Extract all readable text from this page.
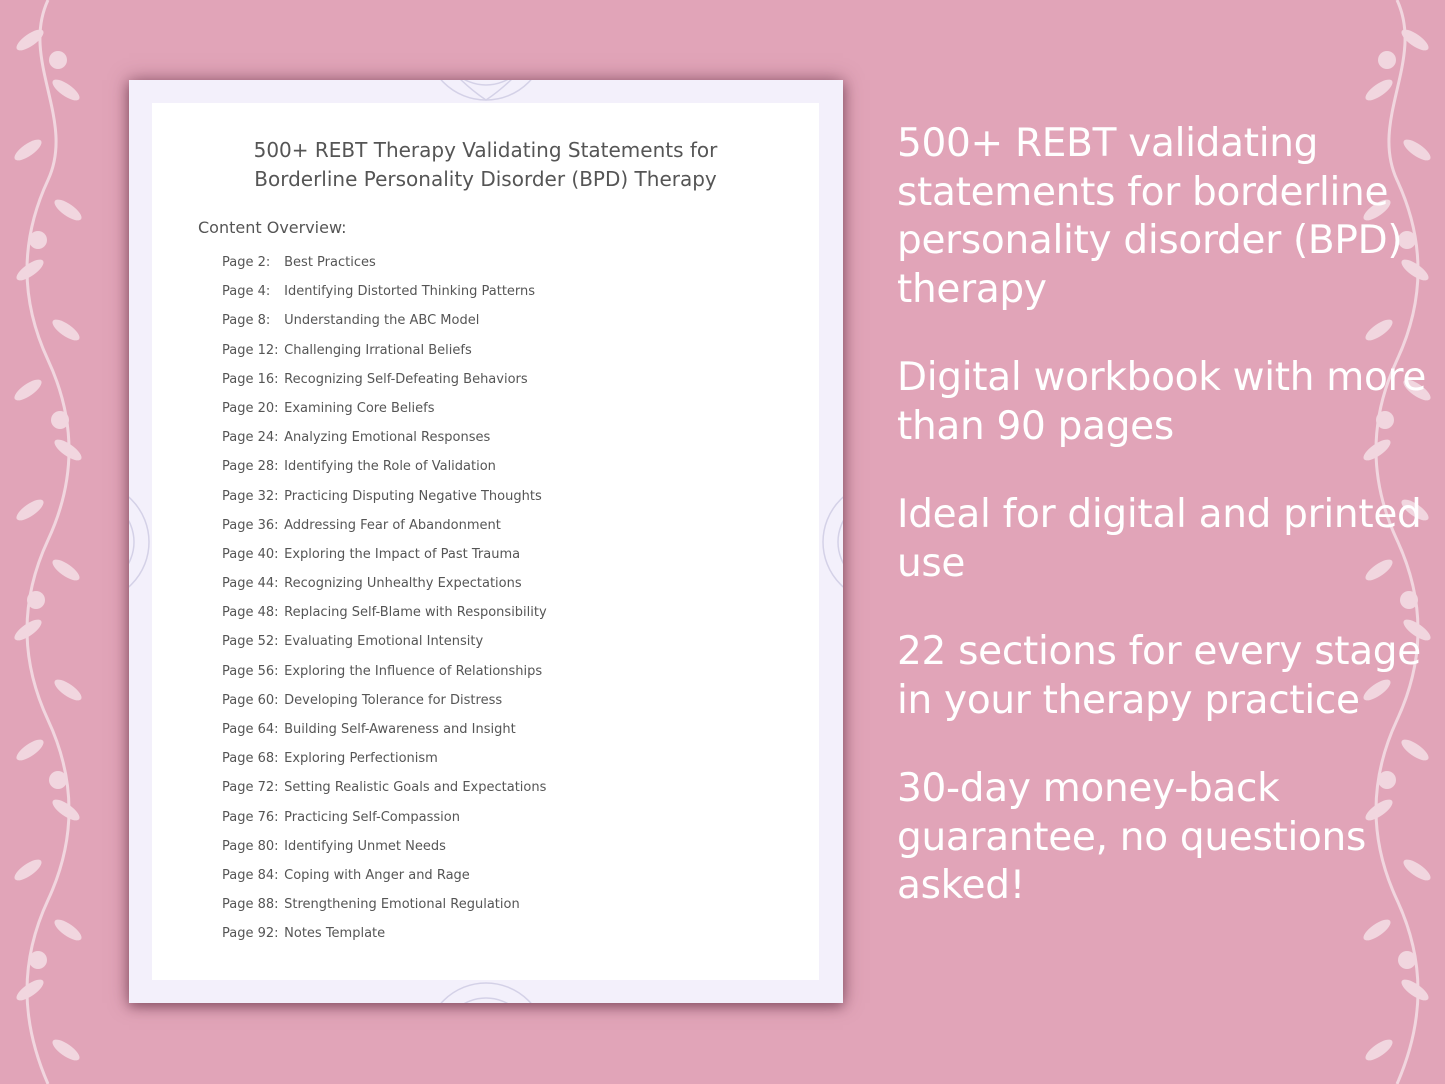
500+ REBT Therapy Validating Statements for
Borderline Personality Disorder (BPD) Therapy
Content Overview:
Page 2: Best Practices
Page 4: Identifying Distorted Thinking Patterns
Page 8: Understanding the ABC Model
Page 12: Challenging Irrational Beliefs
Page 16: Recognizing Self-Defeating Behaviors
Page 20: Examining Core Beliefs
Page 24: Analyzing Emotional Responses
Page 28: Identifying the Role of Validation
Page 32: Practicing Disputing Negative Thoughts
Page 36: Addressing Fear of Abandonment
Page 40: Exploring the Impact of Past Trauma
Page 44: Recognizing Unhealthy Expectations
Page 48: Replacing Self-Blame with Responsibility
Page 52: Evaluating Emotional Intensity
Page 56: Exploring the Influence of Relationships
Page 60: Developing Tolerance for Distress
Page 64: Building Self-Awareness and Insight
Page 68: Exploring Perfectionism
Page 72: Setting Realistic Goals and Expectations
Page 76: Practicing Self-Compassion
Page 80: Identifying Unmet Needs
Page 84: Coping with Anger and Rage
Page 88: Strengthening Emotional Regulation
Page 92: Notes Template
500+ REBT validating statements for borderline personality disorder (BPD) therapy
Digital workbook with more than 90 pages
Ideal for digital and printed use
22 sections for every stage in your therapy practice
30-day money-back guarantee, no questions asked!
